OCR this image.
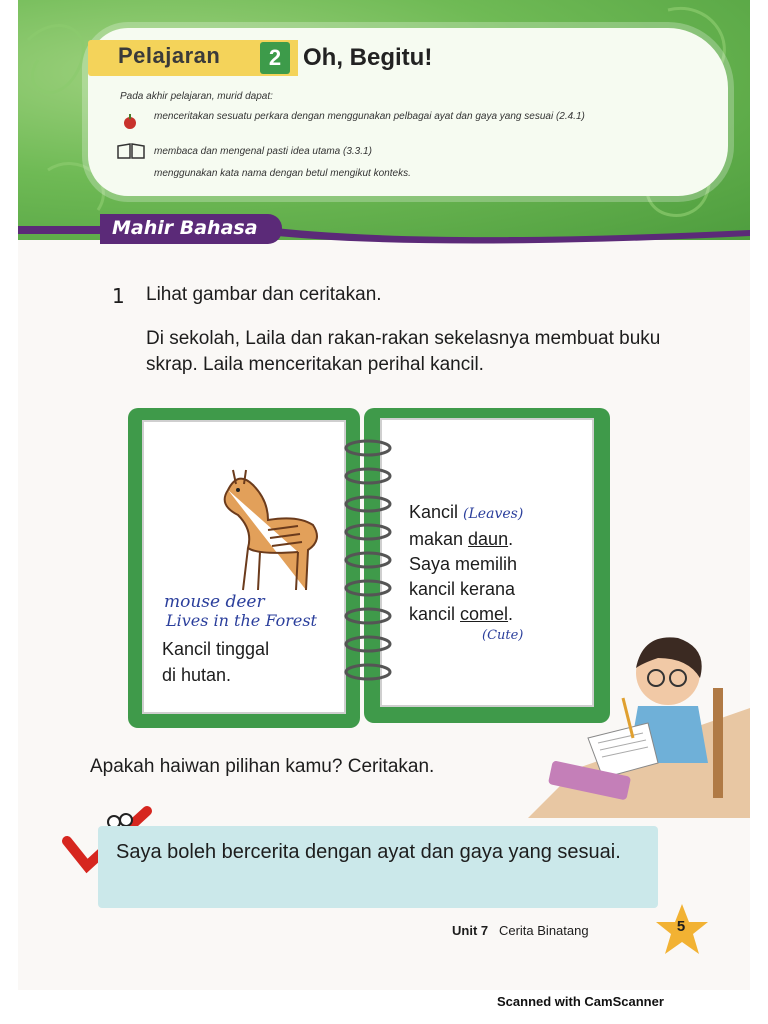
Pelajaran	2 Oh, Begitu!
Pada akhir pelajaran, murid dapat:
menceritakan sesuatu perkara dengan menggunakan pelbagai ayat dan gaya yang sesuai (2.4.1)
membaca dan mengenal pasti idea utama (3.3.1)
menggunakan kata nama dengan betul mengikut konteks.
Mahir Bahasa
1 Lihat gambar dan ceritakan.
Di sekolah, Laila dan rakan-rakan sekelasnya membuat buku skrap. Laila menceritakan perihal kancil.
mouse deer
Lives in the Forest
Kancil tinggal
di hutan.
Kancil (Leaves)
makan daun.
Saya memilih
kancil kerana
kancil comel.
(Cute)
Apakah haiwan pilihan kamu? Ceritakan.
Saya boleh bercerita dengan ayat dan gaya yang sesuai.
Unit 7 Cerita Binatang	5
Scanned with CamScanner
